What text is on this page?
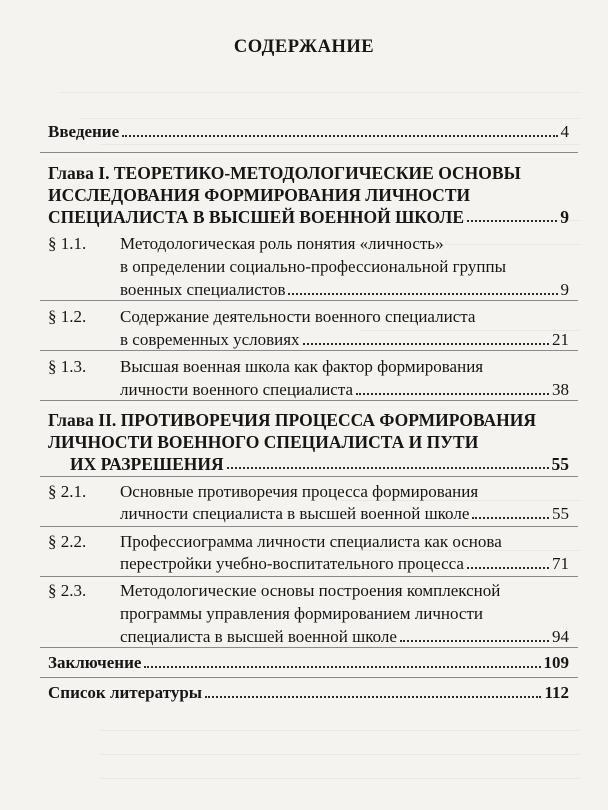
СОДЕРЖАНИЕ
Введение	4
Глава I. ТЕОРЕТИКО-МЕТОДОЛОГИЧЕСКИЕ ОСНОВЫ
ИССЛЕДОВАНИЯ ФОРМИРОВАНИЯ ЛИЧНОСТИ
СПЕЦИАЛИСТА В ВЫСШЕЙ ВОЕННОЙ ШКОЛЕ	9
§ 1.1. Методологическая роль понятия «личность»
в определении социально-профессиональной группы
военных специалистов	9
§ 1.2. Содержание деятельности военного специалиста
в современных условиях	21
§ 1.3. Высшая военная школа как фактор формирования
личности военного специалиста	38
Глава II. ПРОТИВОРЕЧИЯ ПРОЦЕССА ФОРМИРОВАНИЯ
ЛИЧНОСТИ ВОЕННОГО СПЕЦИАЛИСТА И ПУТИ
ИХ РАЗРЕШЕНИЯ	55
§ 2.1. Основные противоречия процесса формирования
личности специалиста в высшей военной школе	55
§ 2.2. Профессиограмма личности специалиста как основа
перестройки учебно-воспитательного процесса	71
§ 2.3. Методологические основы построения комплексной
программы управления формированием личности
специалиста в высшей военной школе	94
Заключение	109
Список литературы	112
